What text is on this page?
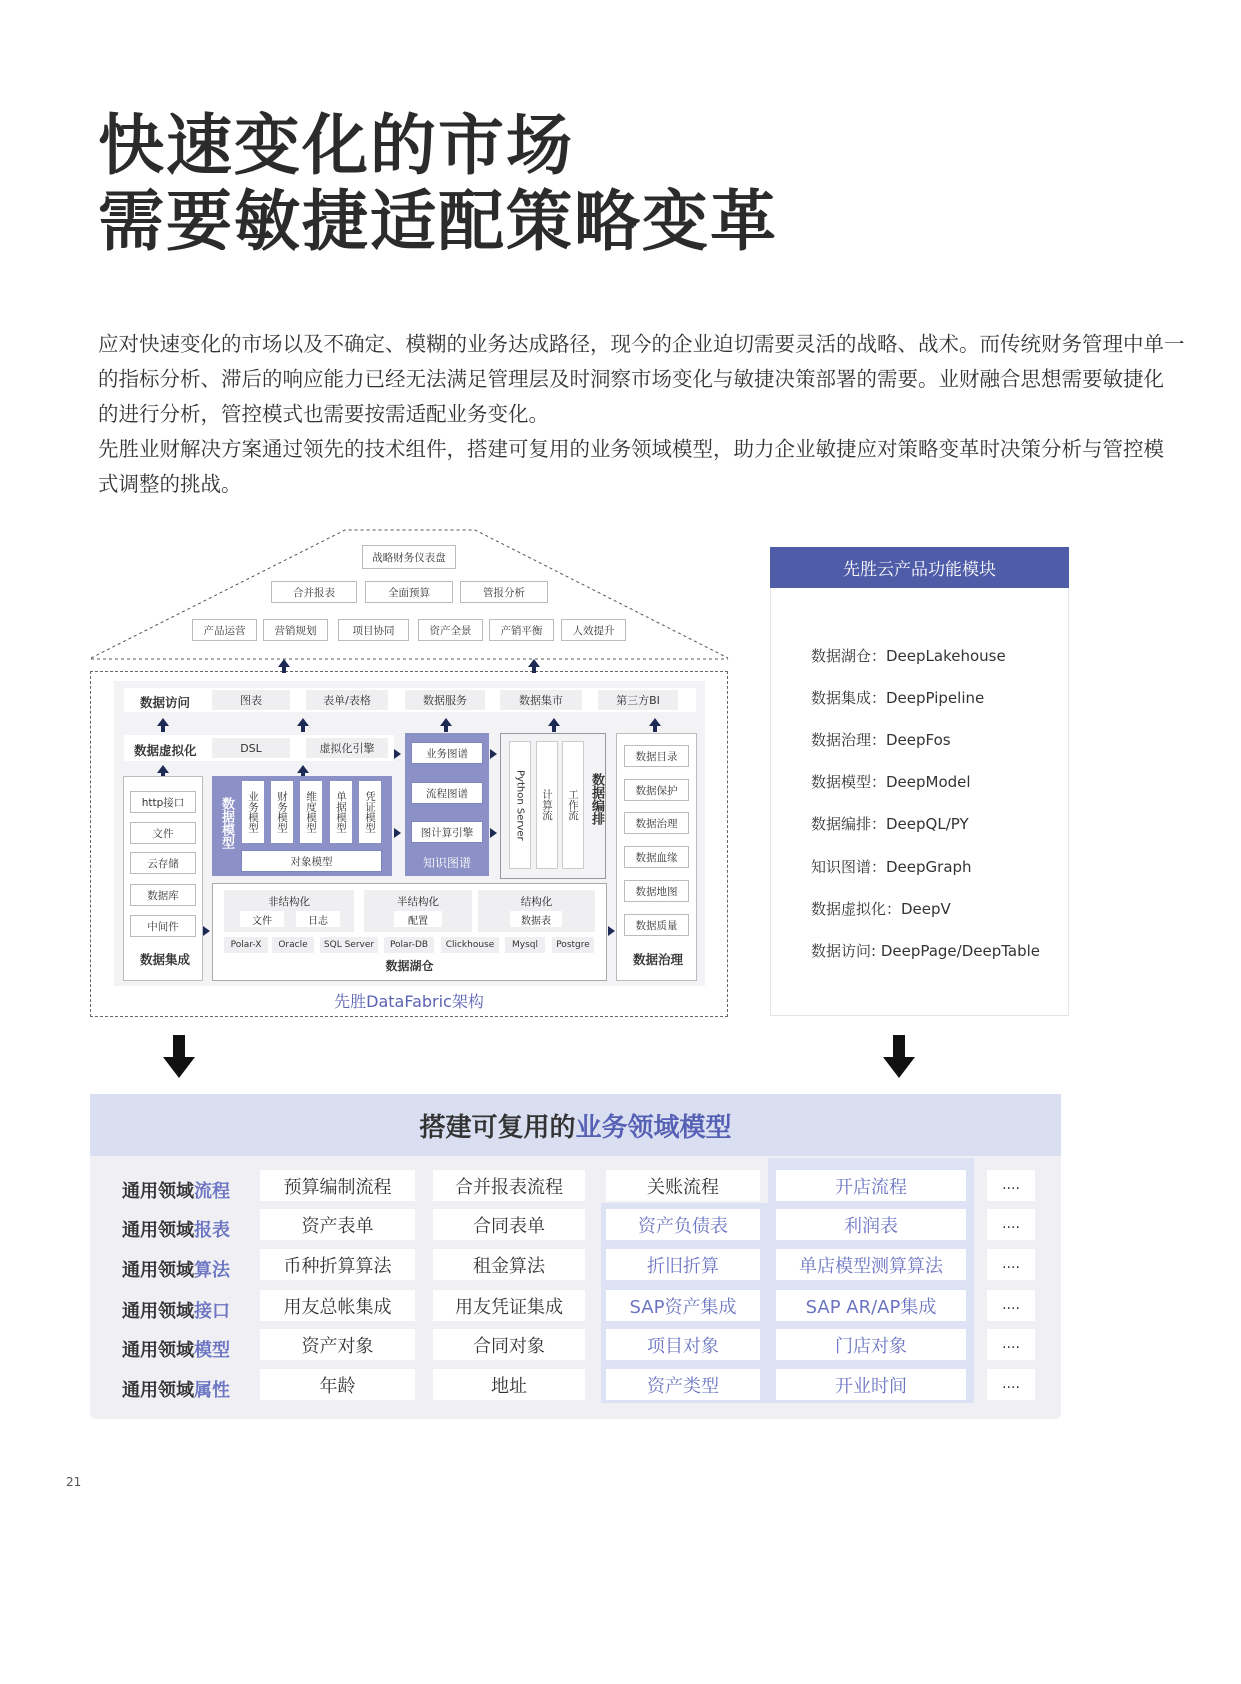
快速变化的市场
需要敏捷适配策略变革
应对快速变化的市场以及不确定、模糊的业务达成路径，现今的企业迫切需要灵活的战略、战术。而传统财务管理中单一
的指标分析、滞后的响应能力已经无法满足管理层及时洞察市场变化与敏捷决策部署的需要。业财融合思想需要敏捷化
的进行分析，管控模式也需要按需适配业务变化。
先胜业财解决方案通过领先的技术组件，搭建可复用的业务领域模型，助力企业敏捷应对策略变革时决策分析与管控模
式调整的挑战。
战略财务仪表盘
合并报表	全面预算	管报分析
产品运营	营销规划	项目协同	资产全景	产销平衡	人效提升
数据访问	图表	表单/表格	数据服务	数据集市	第三方BI
数据虚拟化	DSL	虚拟化引擎
http接口
文件
云存储
数据库
中间件
数据集成
数据模型	业务模型	财务模型	维度模型	单据模型	凭证模型
对象模型
业务图谱
流程图谱
图计算引擎
知识图谱
Python Server	计算流	工作流 数据编排
数据目录
数据保护
数据治理
数据血缘
数据地图
数据质量
数据治理
非结构化
文件	日志
半结构化
配置
结构化
数据表
Polar-X	Oracle	SQL Server	Polar-DB	Clickhouse	Mysql	Postgre
数据湖仓
先胜DataFabric架构
先胜云产品功能模块
数据湖仓：DeepLakehouse
数据集成：DeepPipeline
数据治理：DeepFos
数据模型：DeepModel
数据编排：DeepQL/PY
知识图谱：DeepGraph
数据虚拟化：DeepV
数据访问: DeepPage/DeepTable
搭建可复用的业务领域模型
通用领域流程	预算编制流程	合并报表流程	关账流程	开店流程	....
通用领域报表	资产表单	合同表单	资产负债表	利润表	....
通用领域算法	币种折算算法	租金算法	折旧折算	单店模型测算算法	....
通用领域接口	用友总帐集成	用友凭证集成	SAP资产集成	SAP AR/AP集成	....
通用领域模型	资产对象	合同对象	项目对象	门店对象	....
通用领域属性	年龄	地址	资产类型	开业时间	....
21
